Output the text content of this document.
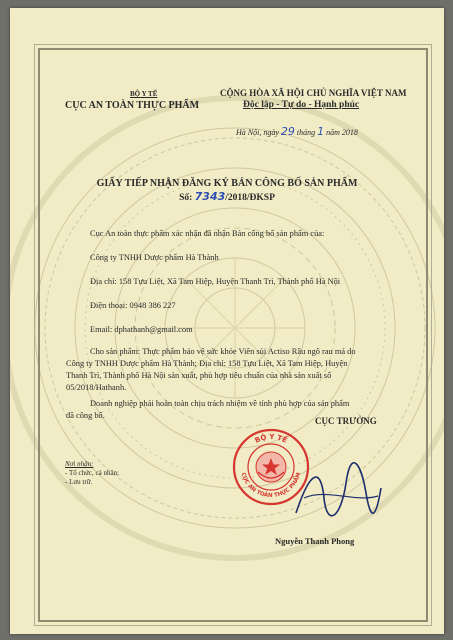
BỘ Y TẾ
CỤC AN TOÀN THỰC PHẨM
CỘNG HÒA XÃ HỘI CHỦ NGHĨA VIỆT NAM
Độc lập - Tự do - Hạnh phúc
Hà Nội, ngày 29 tháng 1 năm 2018
GIẤY TIẾP NHẬN ĐĂNG KÝ BẢN CÔNG BỐ SẢN PHẨM
Số: 7343/2018/ĐKSP
Cục An toàn thực phẩm xác nhận đã nhận Bản công bố sản phẩm của:
Công ty TNHH Dược phẩm Hà Thành
Địa chỉ: 158 Tựu Liệt, Xã Tam Hiệp, Huyện Thanh Trì, Thành phố Hà Nội
Điện thoại: 0948 386 227
Email: dphathanh@gmail.com
Cho sản phẩm: Thực phẩm bảo vệ sức khỏe Viên sủi Actiso Râu ngô rau má do
Công ty TNHH Dược phẩm Hà Thành; Địa chỉ: 158 Tựu Liệt, Xã Tam Hiệp, Huyện
Thanh Trì, Thành phố Hà Nội sản xuất, phù hợp tiêu chuẩn của nhà sản xuất số
05/2018/Hathanh.
Doanh nghiệp phải hoàn toàn chịu trách nhiệm về tính phù hợp của sản phẩm
đã công bố.
CỤC TRƯỞNG
BỘ Y TẾ
CỤC AN TOÀN THỰC PHẨM
Nguyễn Thanh Phong
Nơi nhận:
- Tổ chức, cá nhân;
- Lưu trữ.
